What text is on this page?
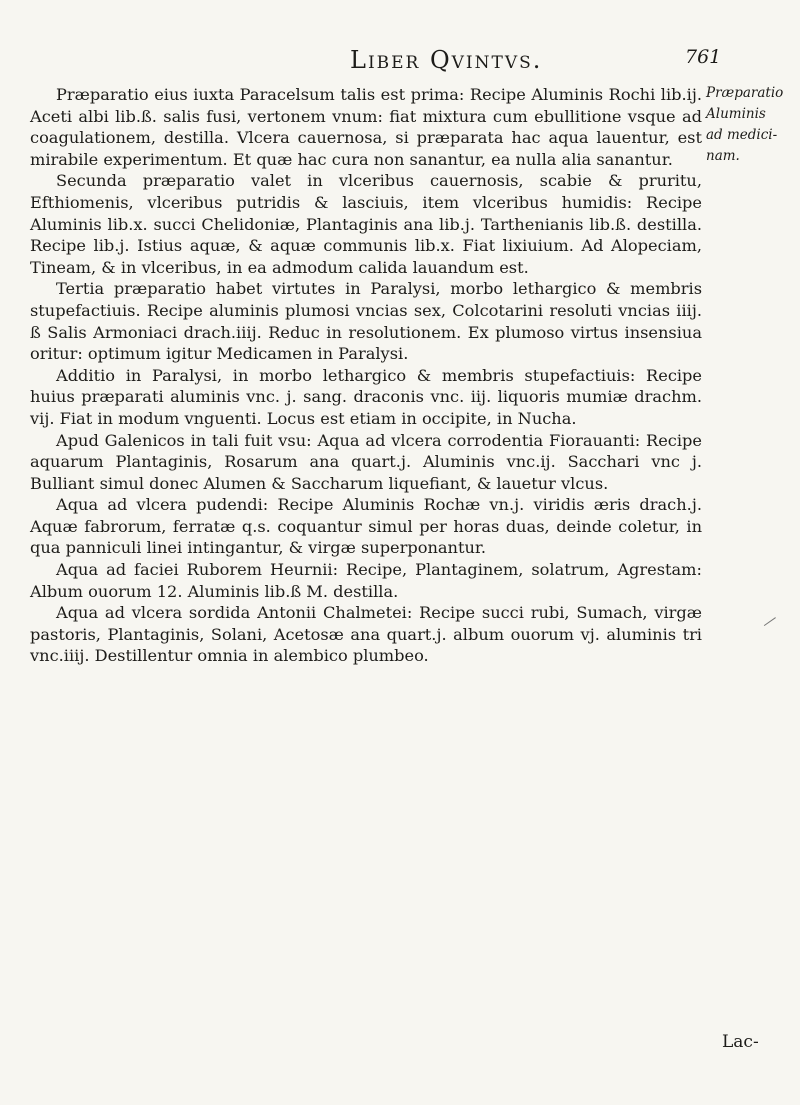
Liber Qvintvs.	761
Præparatio
Aluminis
ad medici-
nam.

Præparatio eius iuxta Paracelsum talis est prima: Recipe Aluminis Rochi lib.ij. Aceti albi lib.ß. salis fusi, vertonem vnum: fiat mixtura cum ebullitione vsque ad coagulationem, destilla. Vlcera cauernosa, si præparata hac aqua lauentur, est mirabile experimentum. Et quæ hac cura non sanantur, ea nulla alia sanantur.

Secunda præparatio valet in vlceribus cauernosis, scabie & pruritu, Efthiomenis, vlceribus putridis & lasciuis, item vlceribus humidis: Recipe Aluminis lib.x. succi Chelidoniæ, Plantaginis ana lib.j. Tarthenianis lib.ß. destilla. Recipe lib.j. Istius aquæ, & aquæ communis lib.x. Fiat lixiuium. Ad Alopeciam, Tineam, & in vlceribus, in ea admodum calida lauandum est.

Tertia præparatio habet virtutes in Paralysi, morbo lethargico & membris stupefactiuis. Recipe aluminis plumosi vncias sex, Colcotarini resoluti vncias iiij. ß Salis Armoniaci drach.iiij. Reduc in resolutionem. Ex plumoso virtus insensiua oritur: optimum igitur Medicamen in Paralysi.

Additio in Paralysi, in morbo lethargico & membris stupefactiuis: Recipe huius præparati aluminis vnc. j. sang. draconis vnc. iij. liquoris mumiæ drachm. vij. Fiat in modum vnguenti. Locus est etiam in occipite, in Nucha.

Apud Galenicos in tali fuit vsu: Aqua ad vlcera corrodentia Fiorauanti: Recipe aquarum Plantaginis, Rosarum ana quart.j. Aluminis vnc.ij. Sacchari vnc j. Bulliant simul donec Alumen & Saccharum liquefiant, & lauetur vlcus.

Aqua ad vlcera pudendi: Recipe Aluminis Rochæ vn.j. viridis æris drach.j. Aquæ fabrorum, ferratæ q.s. coquantur simul per horas duas, deinde coletur, in qua panniculi linei intingantur, & virgæ superponantur.

Aqua ad faciei Ruborem Heurnii: Recipe, Plantaginem, solatrum, Agrestam: Album ouorum 12. Aluminis lib.ß M. destilla.

Aqua ad vlcera sordida Antonii Chalmetei: Recipe succi rubi, Sumach, virgæ pastoris, Plantaginis, Solani, Acetosæ ana quart.j. album ouorum vj. aluminis tri vnc.iiij. Destillentur omnia in alembico plumbeo.

Lac-
